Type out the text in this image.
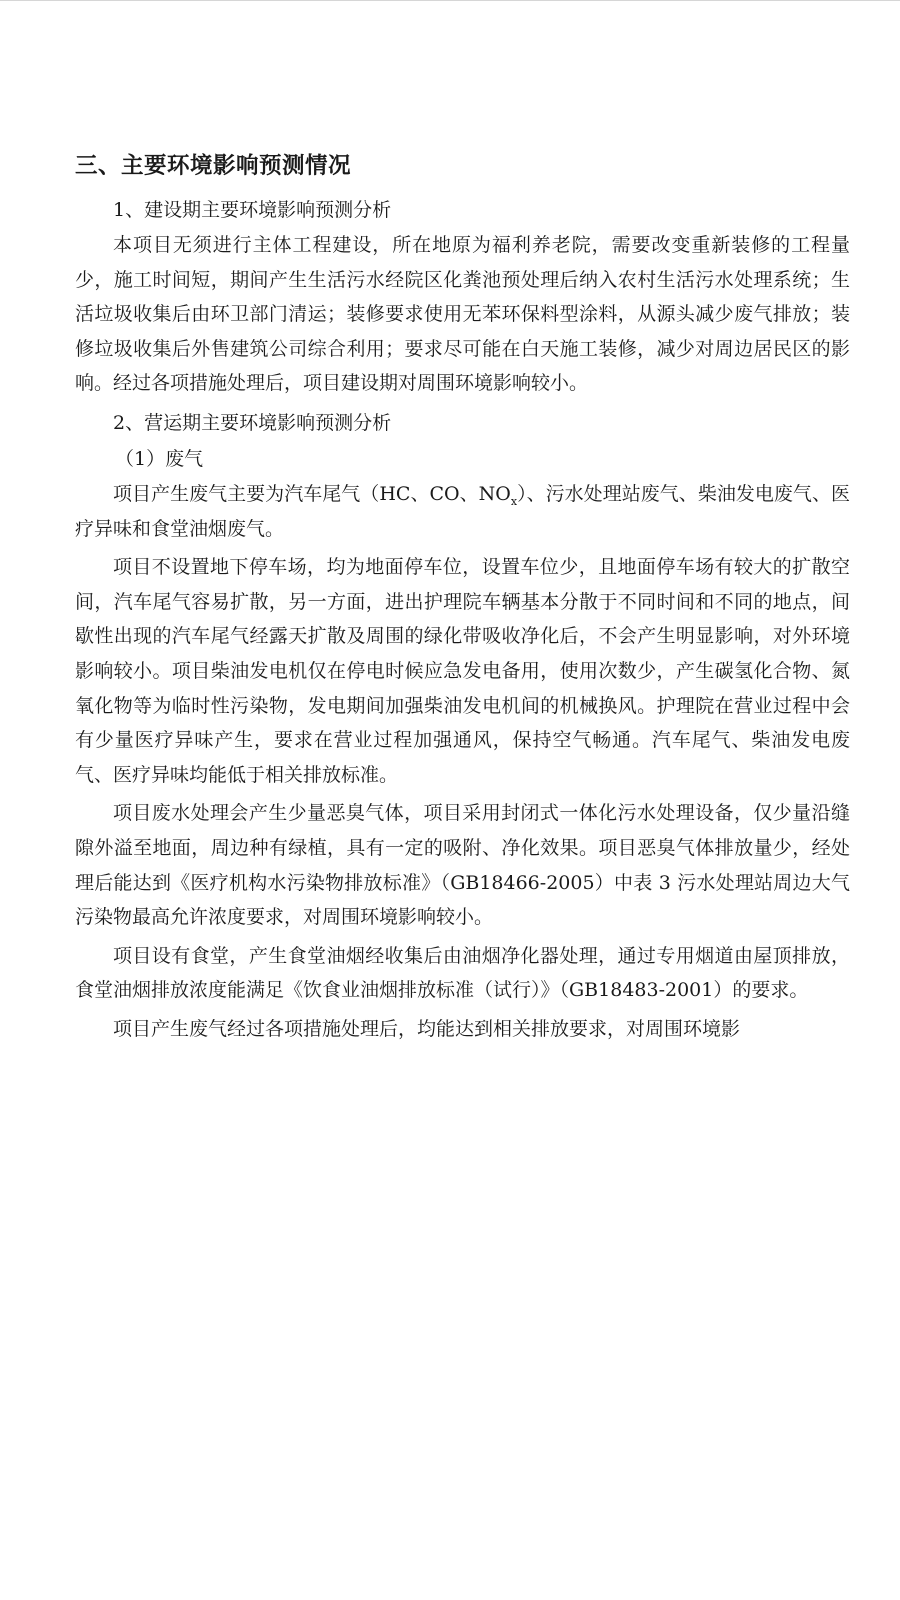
三、主要环境影响预测情况

1、建设期主要环境影响预测分析

本项目无须进行主体工程建设，所在地原为福利养老院，需要改变重新装修的工程量少，施工时间短，期间产生生活污水经院区化粪池预处理后纳入农村生活污水处理系统；生活垃圾收集后由环卫部门清运；装修要求使用无苯环保料型涂料，从源头减少废气排放；装修垃圾收集后外售建筑公司综合利用；要求尽可能在白天施工装修，减少对周边居民区的影响。经过各项措施处理后，项目建设期对周围环境影响较小。

2、营运期主要环境影响预测分析

（1）废气

项目产生废气主要为汽车尾气（HC、CO、$NO_x$）、污水处理站废气、柴油发电废气、医疗异味和食堂油烟废气。

项目不设置地下停车场，均为地面停车位，设置车位少，且地面停车场有较大的扩散空间，汽车尾气容易扩散，另一方面，进出护理院车辆基本分散于不同时间和不同的地点，间歇性出现的汽车尾气经露天扩散及周围的绿化带吸收净化后，不会产生明显影响，对外环境影响较小。项目柴油发电机仅在停电时候应急发电备用，使用次数少，产生碳氢化合物、氮氧化物等为临时性污染物，发电期间加强柴油发电机间的机械换风。护理院在营业过程中会有少量医疗异味产生，要求在营业过程加强通风，保持空气畅通。汽车尾气、柴油发电废气、医疗异味均能低于相关排放标准。

项目废水处理会产生少量恶臭气体，项目采用封闭式一体化污水处理设备，仅少量沿缝隙外溢至地面，周边种有绿植，具有一定的吸附、净化效果。项目恶臭气体排放量少，经处理后能达到《医疗机构水污染物排放标准》（GB18466-2005）中表 3 污水处理站周边大气污染物最高允许浓度要求，对周围环境影响较小。

项目设有食堂，产生食堂油烟经收集后由油烟净化器处理，通过专用烟道由屋顶排放，食堂油烟排放浓度能满足《饮食业油烟排放标准（试行）》（GB18483-2001）的要求。

项目产生废气经过各项措施处理后，均能达到相关排放要求，对周围环境影
